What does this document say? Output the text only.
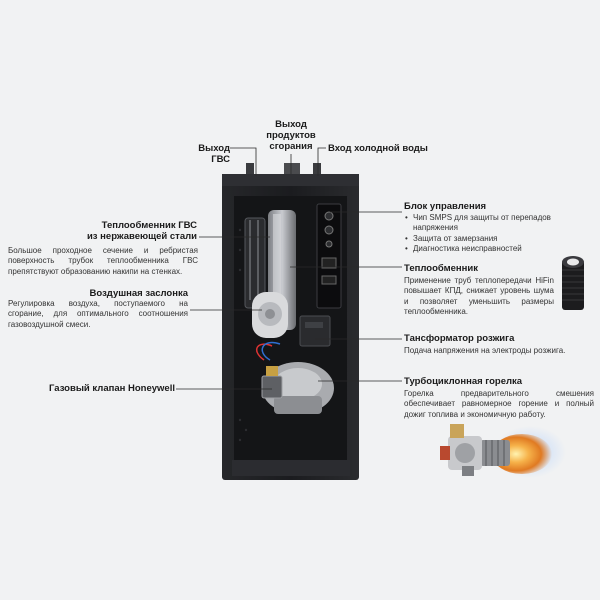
Выход ГВС
Выход
продуктов
сгорания	Вход холодной воды
Теплообменник ГВС
из нержавеющей стали
Большое проходное сечение и ребристая поверхность трубок теплообменника ГВС препятствуют образованию накипи на стенках.
Воздушная заслонка
Регулировка воздуха, поступаемого на сгорание, для оптимального соотношения газовоздушной смеси.
Газовый клапан Honeywell
Блок управления
• Чип SMPS для защиты от перепадов напряжения
• Защита от замерзания
• Диагностика неисправностей
Теплообменник
Применение труб теплопередачи HiFin повышает КПД, снижает уровень шума и позволяет уменьшить размеры теплообменника.
Тансформатор розжига
Подача напряжения на электроды розжига.
Турбоциклонная горелка
Горелка предварительного смешения обеспечивает равномерное горение и полный дожиг топлива и экономичную работу.
